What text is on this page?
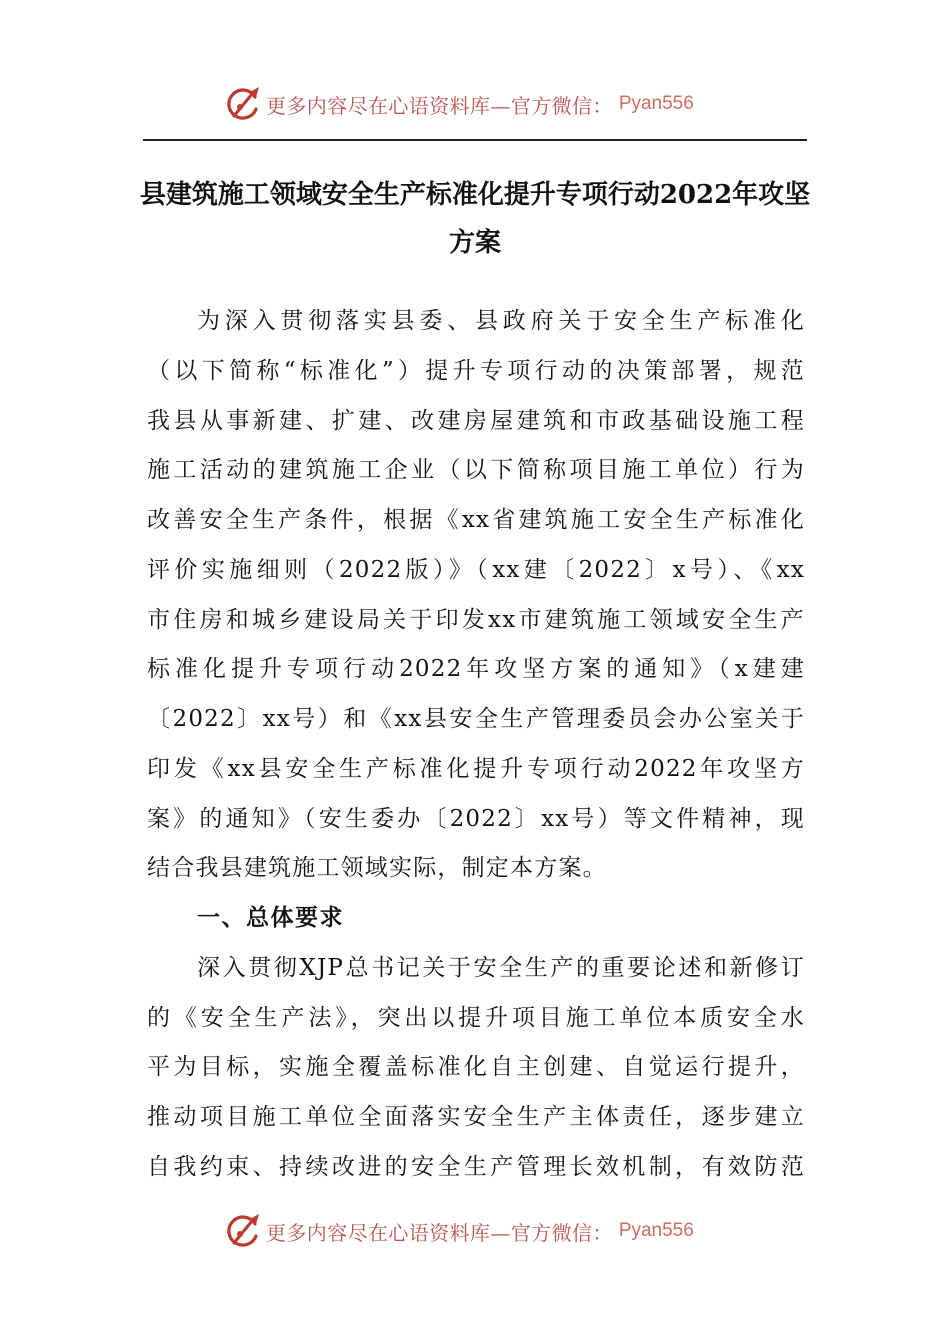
更多内容尽在心语资料库—官方微信： Pyan556
县建筑施工领域安全生产标准化提升专项行动2022年攻坚
方案
为深入贯彻落实县委、县政府关于安全生产标准化
（以下简称“标准化”）提升专项行动的决策部署，规范
我县从事新建、扩建、改建房屋建筑和市政基础设施工程
施工活动的建筑施工企业（以下简称项目施工单位）行为
改善安全生产条件，根据《xx省建筑施工安全生产标准化
评价实施细则（2022版）》（xx建〔2022〕x号）、《xx
市住房和城乡建设局关于印发xx市建筑施工领域安全生产
标准化提升专项行动2022年攻坚方案的通知》（x建建
〔2022〕xx号）和《xx县安全生产管理委员会办公室关于
印发《xx县安全生产标准化提升专项行动2022年攻坚方
案》的通知》（安生委办〔2022〕xx号）等文件精神，现
结合我县建筑施工领域实际，制定本方案。
一、总体要求
深入贯彻XJP总书记关于安全生产的重要论述和新修订
的《安全生产法》，突出以提升项目施工单位本质安全水
平为目标，实施全覆盖标准化自主创建、自觉运行提升，
推动项目施工单位全面落实安全生产主体责任，逐步建立
自我约束、持续改进的安全生产管理长效机制，有效防范
更多内容尽在心语资料库—官方微信： Pyan556
